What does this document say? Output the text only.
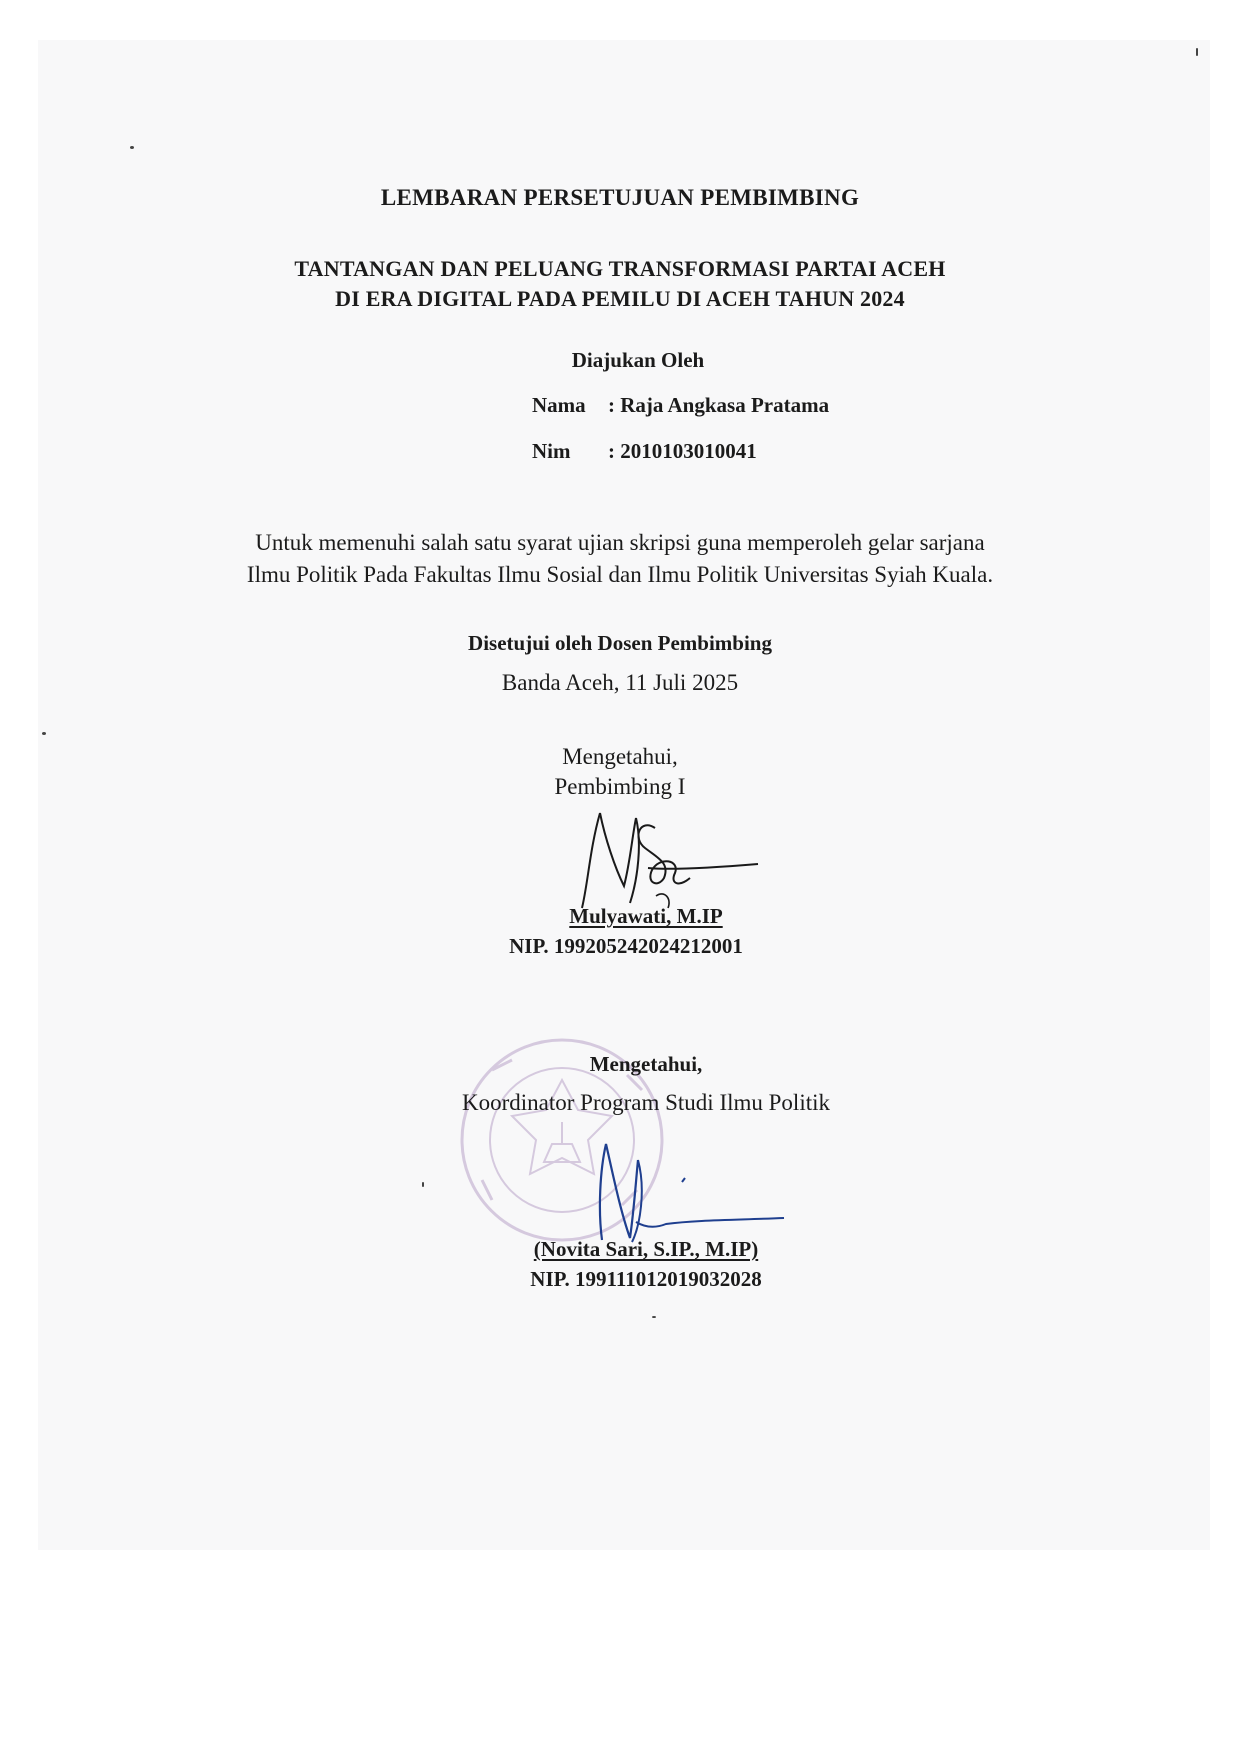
LEMBARAN PERSETUJUAN PEMBIMBING
TANTANGAN DAN PELUANG TRANSFORMASI PARTAI ACEH
DI ERA DIGITAL PADA PEMILU DI ACEH TAHUN 2024
Diajukan Oleh
Nama : Raja Angkasa Pratama
Nim : 2010103010041
Untuk memenuhi salah satu syarat ujian skripsi guna memperoleh gelar sarjana
Ilmu Politik Pada Fakultas Ilmu Sosial dan Ilmu Politik Universitas Syiah Kuala.
Disetujui oleh Dosen Pembimbing
Banda Aceh, 11 Juli 2025
Mengetahui,
Pembimbing I
Mulyawati, M.IP
NIP. 199205242024212001
Mengetahui,
Koordinator Program Studi Ilmu Politik
(Novita Sari, S.IP., M.IP)
NIP. 199111012019032028
